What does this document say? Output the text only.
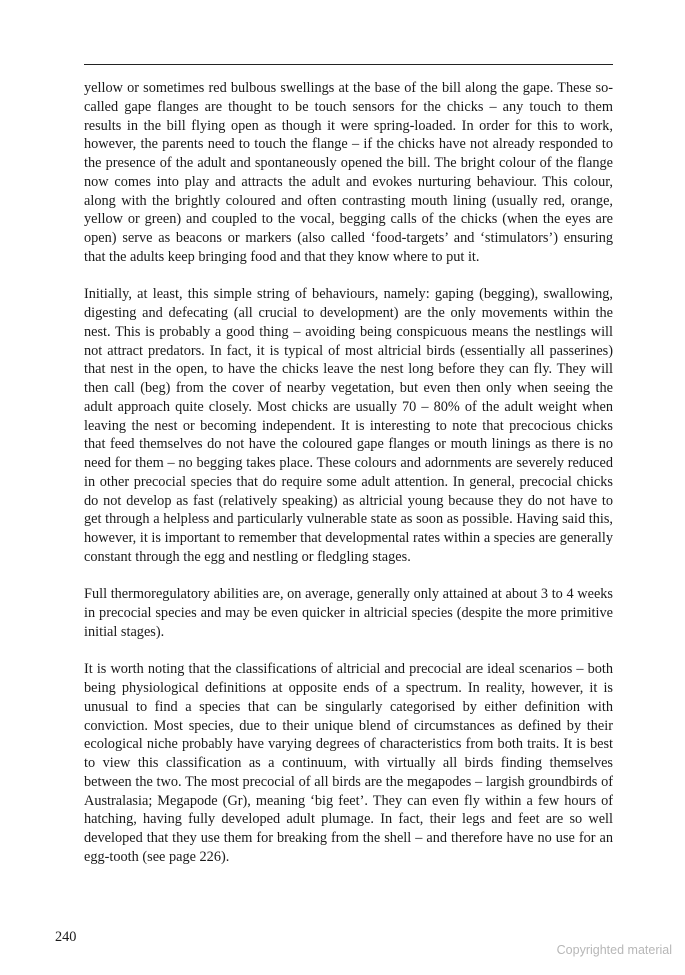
yellow or sometimes red bulbous swellings at the base of the bill along the gape. These so-called gape flanges are thought to be touch sensors for the chicks – any touch to them results in the bill flying open as though it were spring-loaded. In order for this to work, however, the parents need to touch the flange – if the chicks have not already responded to the presence of the adult and spontaneously opened the bill. The bright colour of the flange now comes into play and attracts the adult and evokes nurturing behaviour. This colour, along with the brightly coloured and often contrasting mouth lining (usually red, orange, yellow or green) and coupled to the vocal, begging calls of the chicks (when the eyes are open) serve as beacons or markers (also called ‘food-targets’ and ‘stimulators’) ensuring that the adults keep bringing food and that they know where to put it.

Initially, at least, this simple string of behaviours, namely: gaping (begging), swallowing, digesting and defecating (all crucial to development) are the only movements within the nest. This is probably a good thing – avoiding being conspicuous means the nestlings will not attract predators. In fact, it is typical of most altricial birds (essentially all passerines) that nest in the open, to have the chicks leave the nest long before they can fly. They will then call (beg) from the cover of nearby vegetation, but even then only when seeing the adult approach quite closely. Most chicks are usually 70 – 80% of the adult weight when leaving the nest or becoming independent. It is interesting to note that precocious chicks that feed themselves do not have the coloured gape flanges or mouth linings as there is no need for them – no begging takes place. These colours and adornments are severely reduced in other precocial species that do require some adult attention. In general, precocial chicks do not develop as fast (relatively speaking) as altricial young because they do not have to get through a helpless and particularly vulnerable state as soon as possible. Having said this, however, it is important to remember that developmental rates within a species are generally constant through the egg and nestling or fledgling stages.

Full thermoregulatory abilities are, on average, generally only attained at about 3 to 4 weeks in precocial species and may be even quicker in altricial species (despite the more primitive initial stages).

It is worth noting that the classifications of altricial and precocial are ideal scenarios – both being physiological definitions at opposite ends of a spectrum. In reality, however, it is unusual to find a species that can be singularly categorised by either definition with conviction. Most species, due to their unique blend of circumstances as defined by their ecological niche probably have varying degrees of characteristics from both traits. It is best to view this classification as a continuum, with virtually all birds finding themselves between the two. The most precocial of all birds are the megapodes – largish groundbirds of Australasia; Megapode (Gr), meaning ‘big feet’. They can even fly within a few hours of hatching, having fully developed adult plumage. In fact, their legs and feet are so well developed that they use them for breaking from the shell – and therefore have no use for an egg-tooth (see page 226).

240
Copyrighted material
